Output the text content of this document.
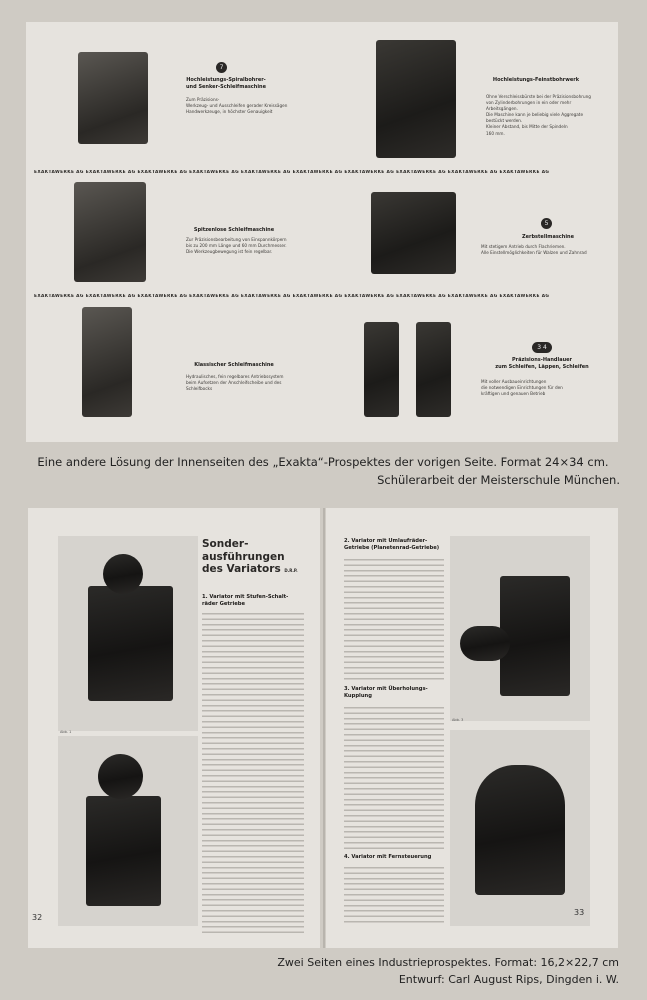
7
Hochleistungs-Spiralbohrer-
und Senker-Schleifmaschine
Zum Präzisions-
Werkzeug- und Ausschleifen gerader Kreissägen
Handwerkzeuge, in höchster Genauigkeit
Hochleistungs-Feinstbohrwerk
Ohne Verschleissbürste bei der Präzisionsbohrung
von Zylinderbohrungen in ein oder mehr
Arbeitsgängen.
Die Maschine kann je beliebig viele Aggregate
bestückt werden.
Kleiner Abstand, bis Mitte der Spindeln
160 mm.
EXAKTAWERKE AG EXAKTAWERKE AG EXAKTAWERKE AG EXAKTAWERKE AG EXAKTAWERKE AG EXAKTAWERKE AG EXAKTAWERKE AG EXAKTAWERKE AG EXAKTAWERKE AG EXAKTAWERKE AG
Spitzenlose Schleifmaschine
Zur Präzisionsbearbeitung von Einspannkörpern
bis zu 200 mm Länge und 60 mm Durchmesser.
Die Werkzeugbewegung ist fein regelbar.
5
Zerbstellmaschine
Mit stetigem Antrieb durch Flachriemen.
Alle Einstellmöglichkeiten für Walzen und Zahnrad
EXAKTAWERKE AG EXAKTAWERKE AG EXAKTAWERKE AG EXAKTAWERKE AG EXAKTAWERKE AG EXAKTAWERKE AG EXAKTAWERKE AG EXAKTAWERKE AG EXAKTAWERKE AG EXAKTAWERKE AG
Klassischer Schleifmaschine
Hydraulisches, fein regelbares Antriebssystem
beim Aufsetzen der Anschleifscheibe und des
Schleifbocks
3 4
Präzisions-Handlauer
zum Schleifen, Läppen, Schleifen
Mit voller Ausbaueinrichtungen
die notwendigen Einrichtungen für den
kräftigen und genauen Betrieb
Eine andere Lösung der Innenseiten des „Exakta“-Prospektes der vorigen Seite. Format 24×34 cm.
Schülerarbeit der Meisterschule München.
Abb. 1
Sonder-
ausführungen
des Variators D.R.P.
1. Variator mit Stufen-Schalt-
räder Getriebe
32
2. Variator mit Umlaufräder-
Getriebe (Planetenrad-Getriebe)
3. Variator mit Überholungs-
Kupplung
4. Variator mit Fernsteuerung
Abb. 3
33
Zwei Seiten eines Industrieprospektes. Format: 16,2×22,7 cm
Entwurf: Carl August Rips, Dingden i. W.
